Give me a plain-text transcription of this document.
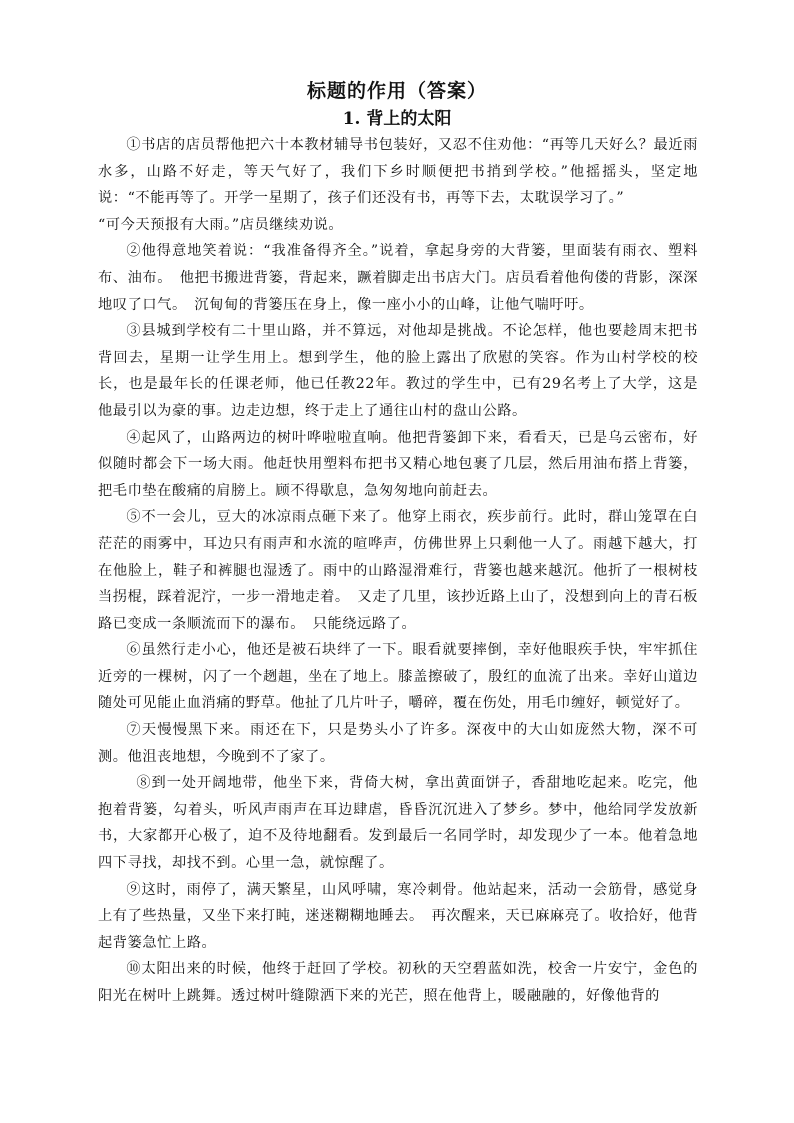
标题的作用（答案）
1. 背上的太阳

①书店的店员帮他把六十本教材辅导书包装好，又忍不住劝他：“再等几天好么？最近雨水多，山路不好走，等天气好了，我们下乡时顺便把书捎到学校。”他摇摇头，坚定地说：“不能再等了。开学一星期了，孩子们还没有书，再等下去，太耽误学习了。”

“可今天预报有大雨。”店员继续劝说。

②他得意地笑着说：“我准备得齐全。”说着，拿起身旁的大背篓，里面装有雨衣、塑料布、油布。　他把书搬进背篓，背起来，蹶着脚走出书店大门。店员看着他佝偻的背影，深深地叹了口气。　沉甸甸的背篓压在身上，像一座小小的山峰，让他气喘吁吁。

③县城到学校有二十里山路，并不算远，对他却是挑战。不论怎样，他也要趁周末把书背回去，星期一让学生用上。想到学生，他的脸上露出了欣慰的笑容。作为山村学校的校长，也是最年长的任课老师，他已任教22年。教过的学生中，已有29名考上了大学，这是他最引以为豪的事。边走边想，终于走上了通往山村的盘山公路。

④起风了，山路两边的树叶哗啦啦直响。他把背篓卸下来，看看天，已是乌云密布，好似随时都会下一场大雨。他赶快用塑料布把书又精心地包裹了几层，然后用油布搭上背篓，把毛巾垫在酸痛的肩膀上。顾不得歇息，急匆匆地向前赶去。

⑤不一会儿，豆大的冰凉雨点砸下来了。他穿上雨衣，疾步前行。此时，群山笼罩在白茫茫的雨雾中，耳边只有雨声和水流的喧哗声，仿佛世界上只剩他一人了。雨越下越大，打在他脸上，鞋子和裤腿也湿透了。雨中的山路湿滑难行，背篓也越来越沉。他折了一根树枝当拐棍，踩着泥泞，一步一滑地走着。　又走了几里，该抄近路上山了，没想到向上的青石板路已变成一条顺流而下的瀑布。　只能绕远路了。

⑥虽然行走小心，他还是被石块绊了一下。眼看就要摔倒，幸好他眼疾手快，牢牢抓住近旁的一棵树，闪了一个趔趄，坐在了地上。膝盖擦破了，殷红的血流了出来。幸好山道边随处可见能止血消痛的野草。他扯了几片叶子，嚼碎，覆在伤处，用毛巾缠好，顿觉好了。

⑦天慢慢黑下来。雨还在下，只是势头小了许多。深夜中的大山如庞然大物，深不可测。他沮丧地想，今晚到不了家了。

⑧到一处开阔地带，他坐下来，背倚大树，拿出黄面饼子，香甜地吃起来。吃完，他抱着背篓，勾着头，听风声雨声在耳边肆虐，昏昏沉沉进入了梦乡。梦中，他给同学发放新书，大家都开心极了，迫不及待地翻看。发到最后一名同学时，却发现少了一本。他着急地四下寻找，却找不到。心里一急，就惊醒了。

⑨这时，雨停了，满天繁星，山风呼啸，寒冷刺骨。他站起来，活动一会筋骨，感觉身上有了些热量，又坐下来打盹，迷迷糊糊地睡去。　再次醒来，天已麻麻亮了。收拾好，他背起背篓急忙上路。

⑩太阳出来的时候，他终于赶回了学校。初秋的天空碧蓝如洗，校舍一片安宁，金色的阳光在树叶上跳舞。透过树叶缝隙洒下来的光芒，照在他背上，暖融融的，好像他背的
